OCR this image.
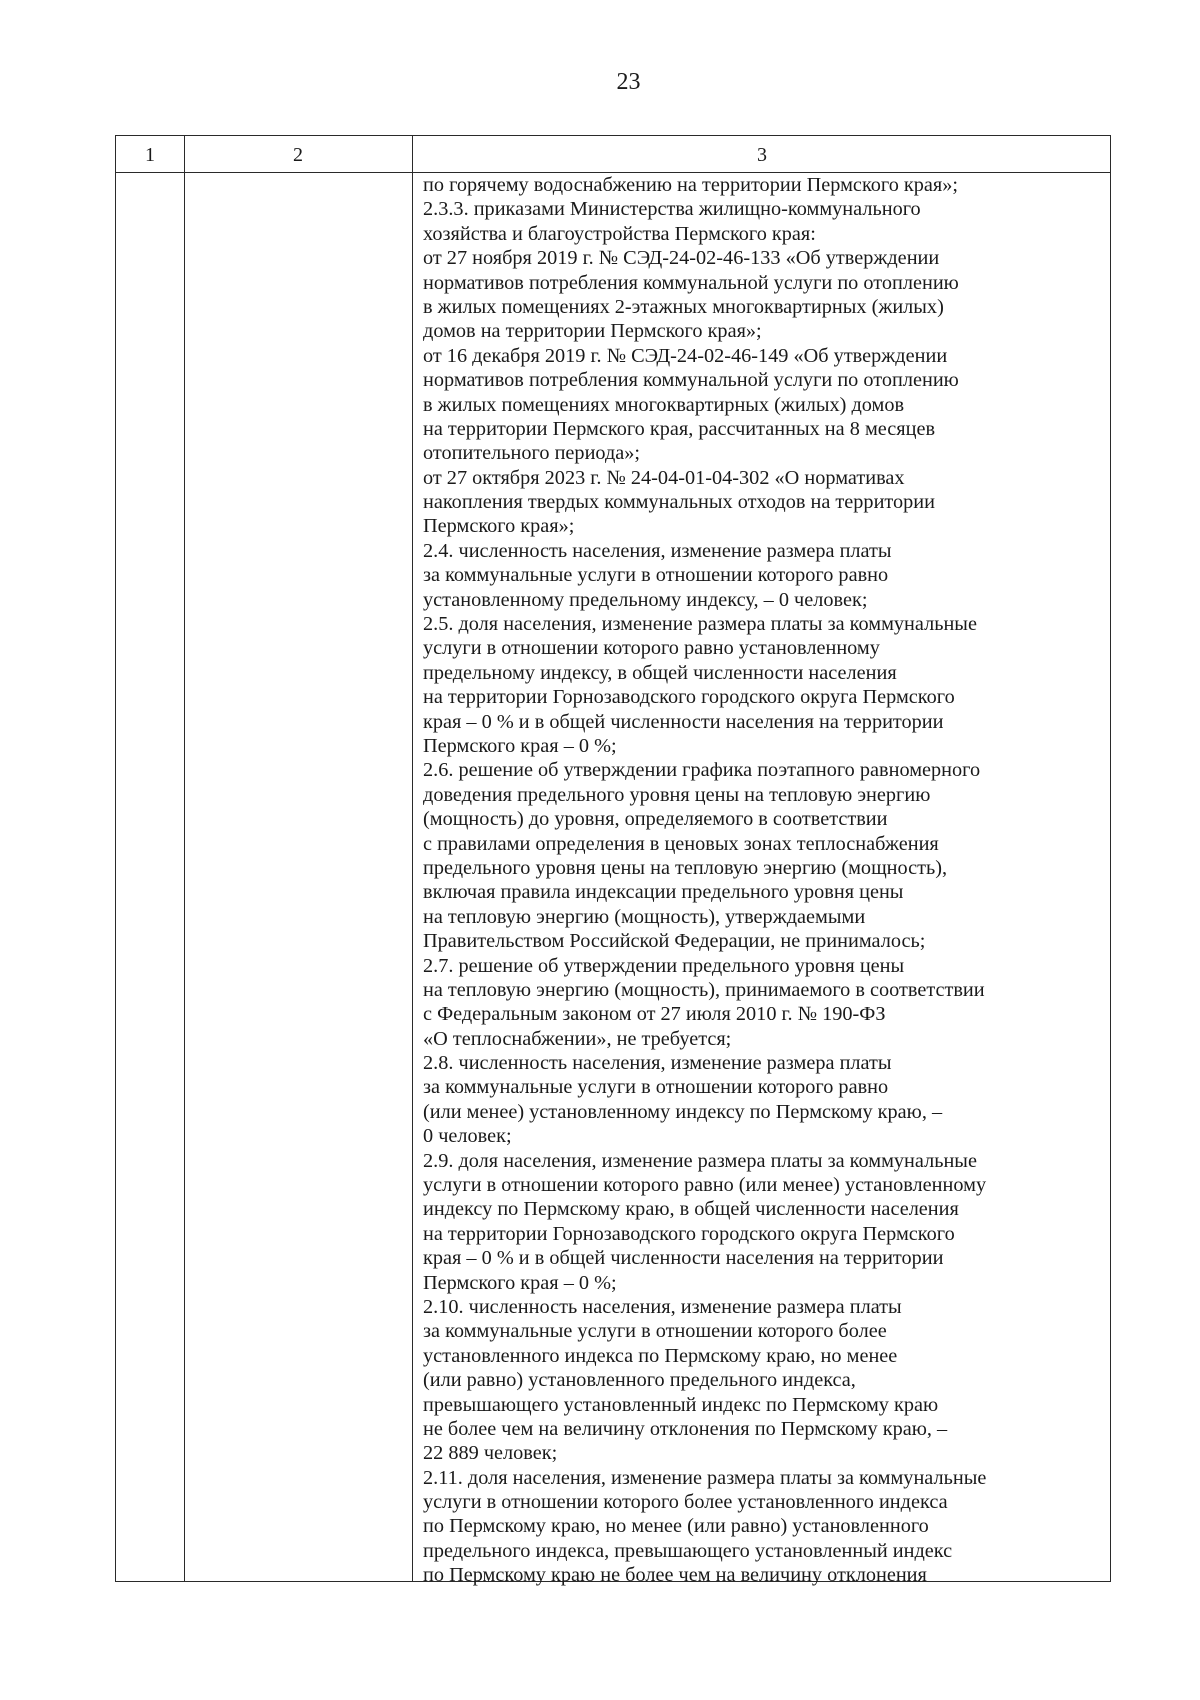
23
1	2	3
по горячему водоснабжению на территории Пермского края»;
2.3.3. приказами Министерства жилищно-коммунального
хозяйства и благоустройства Пермского края:
от 27 ноября 2019 г. № СЭД-24-02-46-133 «Об утверждении
нормативов потребления коммунальной услуги по отоплению
в жилых помещениях 2-этажных многоквартирных (жилых)
домов на территории Пермского края»;
от 16 декабря 2019 г. № СЭД-24-02-46-149 «Об утверждении
нормативов потребления коммунальной услуги по отоплению
в жилых помещениях многоквартирных (жилых) домов
на территории Пермского края, рассчитанных на 8 месяцев
отопительного периода»;
от 27 октября 2023 г. № 24-04-01-04-302 «О нормативах
накопления твердых коммунальных отходов на территории
Пермского края»;
2.4. численность населения, изменение размера платы
за коммунальные услуги в отношении которого равно
установленному предельному индексу, – 0 человек;
2.5. доля населения, изменение размера платы за коммунальные
услуги в отношении которого равно установленному
предельному индексу, в общей численности населения
на территории Горнозаводского городского округа Пермского
края – 0 % и в общей численности населения на территории
Пермского края – 0 %;
2.6. решение об утверждении графика поэтапного равномерного
доведения предельного уровня цены на тепловую энергию
(мощность) до уровня, определяемого в соответствии
с правилами определения в ценовых зонах теплоснабжения
предельного уровня цены на тепловую энергию (мощность),
включая правила индексации предельного уровня цены
на тепловую энергию (мощность), утверждаемыми
Правительством Российской Федерации, не принималось;
2.7. решение об утверждении предельного уровня цены
на тепловую энергию (мощность), принимаемого в соответствии
с Федеральным законом от 27 июля 2010 г. № 190-ФЗ
«О теплоснабжении», не требуется;
2.8. численность населения, изменение размера платы
за коммунальные услуги в отношении которого равно
(или менее) установленному индексу по Пермскому краю, –
0 человек;
2.9. доля населения, изменение размера платы за коммунальные
услуги в отношении которого равно (или менее) установленному
индексу по Пермскому краю, в общей численности населения
на территории Горнозаводского городского округа Пермского
края – 0 % и в общей численности населения на территории
Пермского края – 0 %;
2.10. численность населения, изменение размера платы
за коммунальные услуги в отношении которого более
установленного индекса по Пермскому краю, но менее
(или равно) установленного предельного индекса,
превышающего установленный индекс по Пермскому краю
не более чем на величину отклонения по Пермскому краю, –
22 889 человек;
2.11. доля населения, изменение размера платы за коммунальные
услуги в отношении которого более установленного индекса
по Пермскому краю, но менее (или равно) установленного
предельного индекса, превышающего установленный индекс
по Пермскому краю не более чем на величину отклонения
